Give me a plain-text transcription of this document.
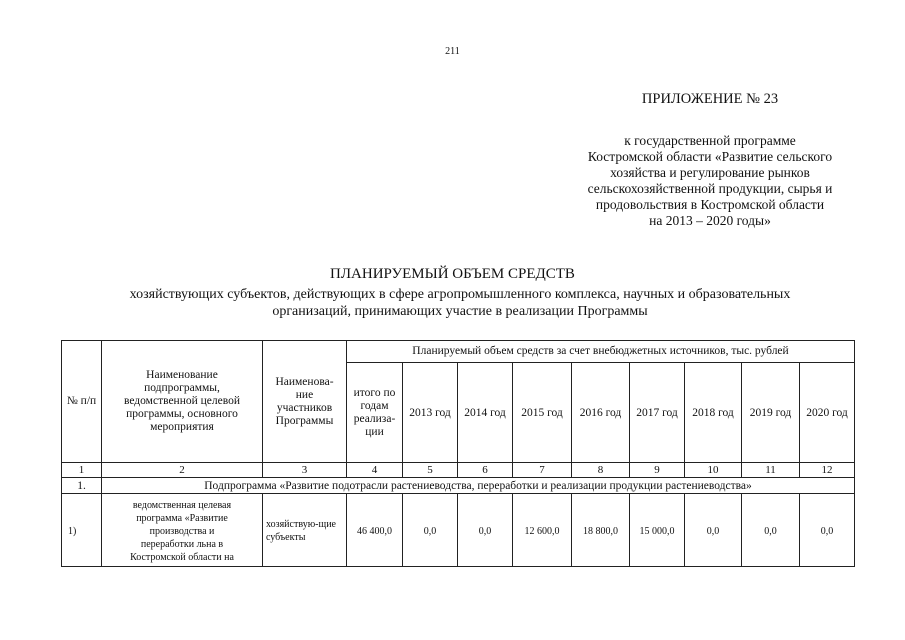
211
ПРИЛОЖЕНИЕ № 23
к государственной программе
Костромской области «Развитие сельского
хозяйства и регулирование рынков
сельскохозяйственной продукции, сырья и
продовольствия в Костромской области
на 2013 – 2020 годы»
ПЛАНИРУЕМЫЙ ОБЪЕМ СРЕДСТВ
хозяйствующих субъектов, действующих в сфере агропромышленного комплекса, научных и образовательных
организаций, принимающих участие в реализации Программы
№ п/п	Наименование подпрограммы, ведомственной целевой программы, основного мероприятия	Наименова-ние участников Программы	Планируемый объем средств за счет внебюджетных источников, тыс. рублей								
			итого по годам реализа-ции	2013 год	2014 год	2015 год	2016 год	2017 год	2018 год	2019 год	2020 год
1	2	3	4	5	6	7	8	9	10	11	12
1.	Подпрограмма «Развитие подотрасли растениеводства, переработки и реализации продукции растениеводства»										
1)	ведомственная целевая
программа «Развитие
производства и
переработки льна в
Костромской области на	хозяйствую-щие субъекты	46 400,0	0,0	0,0	12 600,0	18 800,0	15 000,0	0,0	0,0	0,0
